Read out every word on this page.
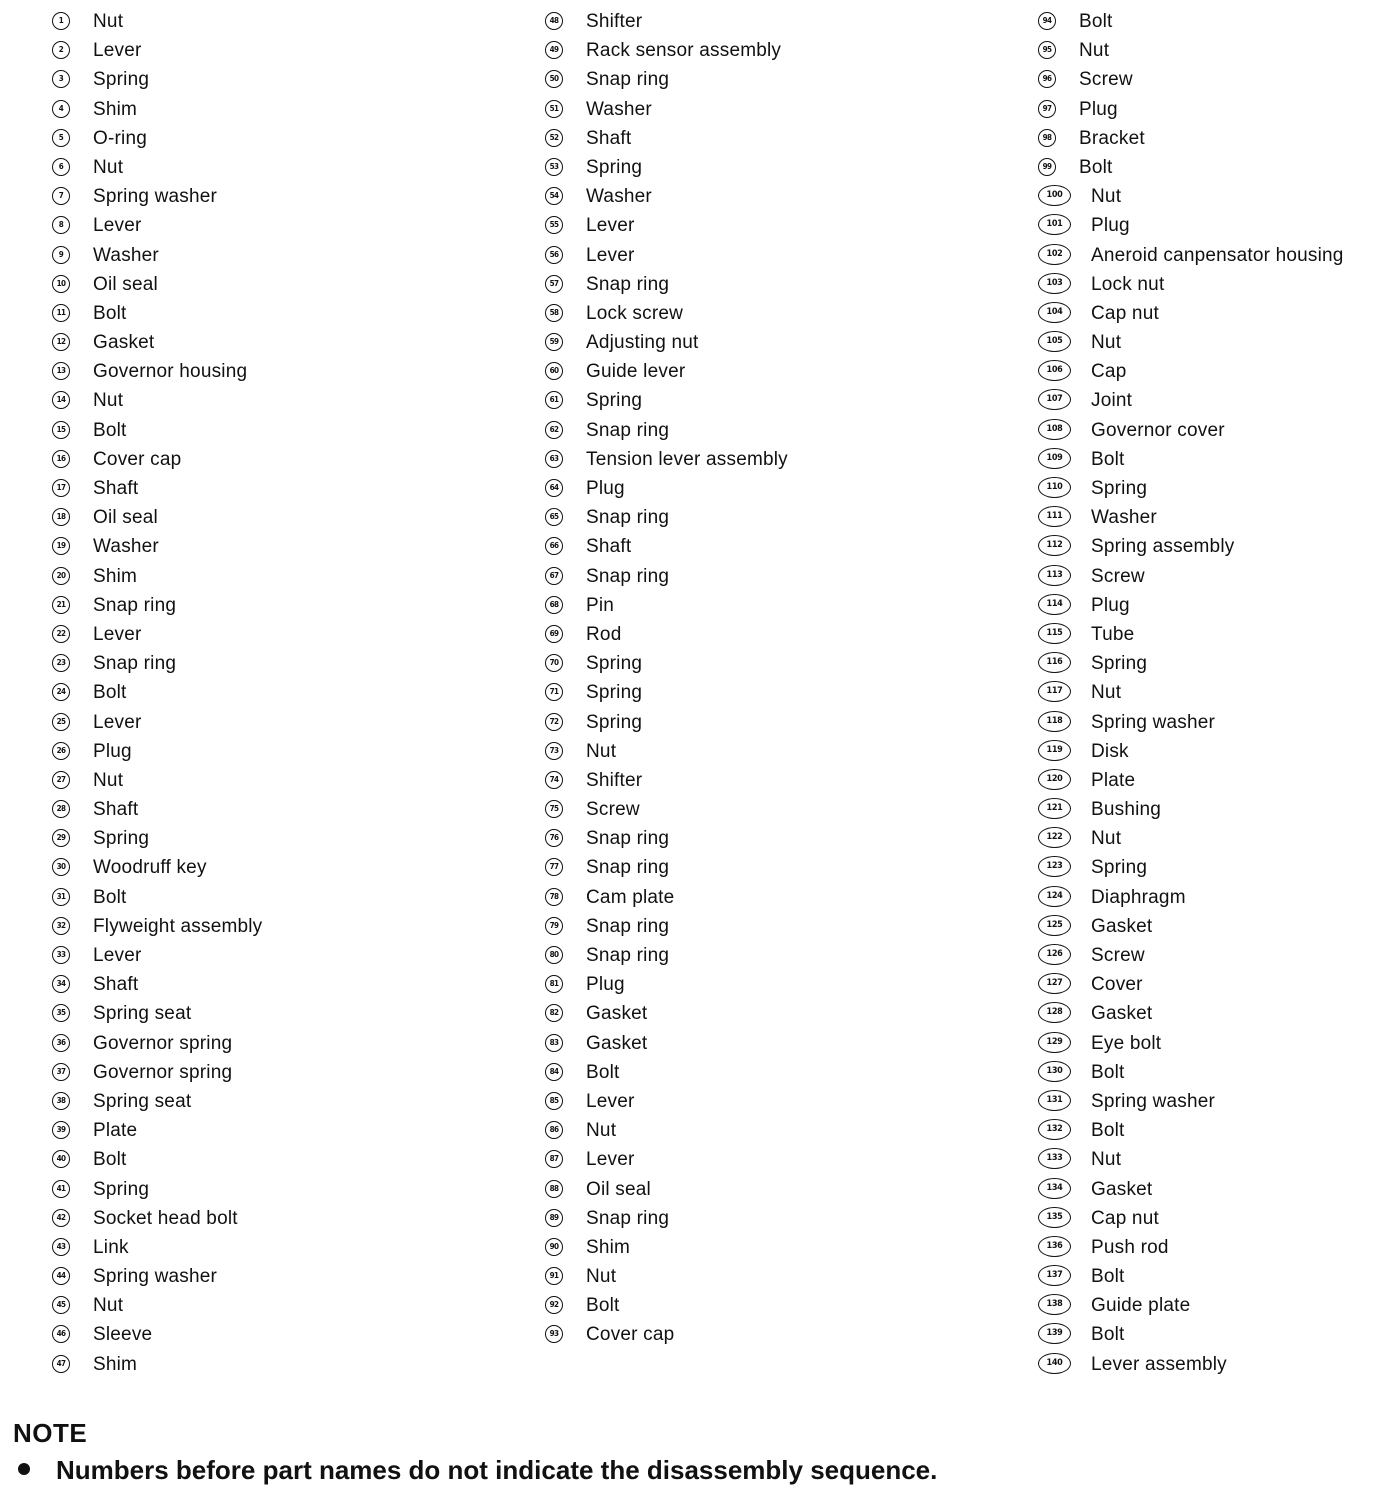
1	Nut
2	Lever
3	Spring
4	Shim
5	O-ring
6	Nut
7	Spring washer
8	Lever
9	Washer
10 Oil seal
11 Bolt
12 Gasket
13 Governor housing
14 Nut
15 Bolt
16 Cover cap
17 Shaft
18 Oil seal
19 Washer
20 Shim
21 Snap ring
22 Lever
23 Snap ring
24 Bolt
25 Lever
26 Plug
27 Nut
28 Shaft
29 Spring
30 Woodruff key
31 Bolt
32 Flyweight assembly
33 Lever
34 Shaft
35 Spring seat
36 Governor spring
37 Governor spring
38 Spring seat
39 Plate
40 Bolt
41 Spring
42 Socket head bolt
43 Link
44 Spring washer
45 Nut
46 Sleeve
47 Shim
48 Shifter
49 Rack sensor assembly
50 Snap ring
51 Washer
52 Shaft
53 Spring
54 Washer
55 Lever
56 Lever
57 Snap ring
58 Lock screw
59 Adjusting nut
60 Guide lever
61 Spring
62 Snap ring
63 Tension lever assembly
64 Plug
65 Snap ring
66 Shaft
67 Snap ring
68 Pin
69 Rod
70 Spring
71 Spring
72 Spring
73 Nut
74 Shifter
75 Screw
76 Snap ring
77 Snap ring
78 Cam plate
79 Snap ring
80 Snap ring
81 Plug
82 Gasket
83 Gasket
84 Bolt
85 Lever
86 Nut
87 Lever
88 Oil seal
89 Snap ring
90 Shim
91 Nut
92 Bolt
93 Cover cap
94 Bolt
95 Nut
96 Screw
97 Plug
98 Bracket
99 Bolt
100	Nut
101	Plug
102	Aneroid canpensator housing
103	Lock nut
104	Cap nut
105	Nut
106	Cap
107	Joint
108	Governor cover
109	Bolt
110	Spring
111	Washer
112	Spring assembly
113	Screw
114	Plug
115	Tube
116	Spring
117	Nut
118	Spring washer
119	Disk
120	Plate
121	Bushing
122	Nut
123	Spring
124	Diaphragm
125	Gasket
126	Screw
127	Cover
128	Gasket
129	Eye bolt
130	Bolt
131	Spring washer
132	Bolt
133	Nut
134	Gasket
135	Cap nut
136	Push rod
137	Bolt
138	Guide plate
139	Bolt
140	Lever assembly
NOTE
Numbers before part names do not indicate the disassembly sequence.
